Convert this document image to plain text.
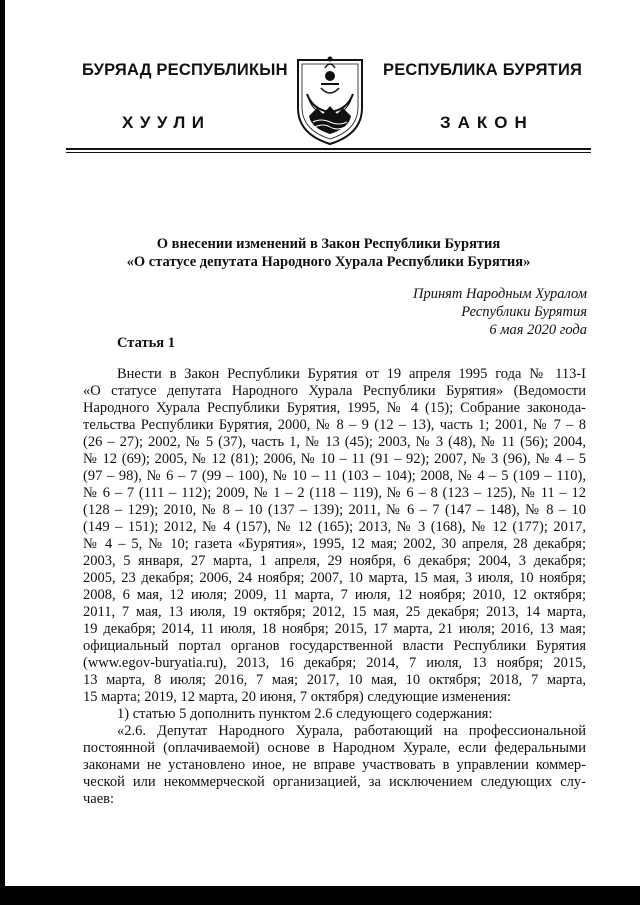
БУРЯАД РЕСПУБЛИКЫН	РЕСПУБЛИКА БУРЯТИЯ
ХУУЛИ	ЗАКОН
О внесении изменений в Закон Республики Бурятия
«О статусе депутата Народного Хурала Республики Бурятия»
Принят Народным Хуралом
Республики Бурятия
6 мая 2020 года
Статья 1
Внести в Закон Республики Бурятия от 19 апреля 1995 года № 113-I
«О статусе депутата Народного Хурала Республики Бурятия» (Ведомости
Народного Хурала Республики Бурятия, 1995, № 4 (15); Собрание законода-
тельства Республики Бурятия, 2000, № 8 – 9 (12 – 13), часть 1; 2001, № 7 – 8
(26 – 27); 2002, № 5 (37), часть 1, № 13 (45); 2003, № 3 (48), № 11 (56); 2004,
№ 12 (69); 2005, № 12 (81); 2006, № 10 – 11 (91 – 92); 2007, № 3 (96), № 4 – 5
(97 – 98), № 6 – 7 (99 – 100), № 10 – 11 (103 – 104); 2008, № 4 – 5 (109 – 110),
№ 6 – 7 (111 – 112); 2009, № 1 – 2 (118 – 119), № 6 – 8 (123 – 125), № 11 – 12
(128 – 129); 2010, № 8 – 10 (137 – 139); 2011, № 6 – 7 (147 – 148), № 8 – 10
(149 – 151); 2012, № 4 (157), № 12 (165); 2013, № 3 (168), № 12 (177); 2017,
№ 4 – 5, № 10; газета «Бурятия», 1995, 12 мая; 2002, 30 апреля, 28 декабря;
2003, 5 января, 27 марта, 1 апреля, 29 ноября, 6 декабря; 2004, 3 декабря;
2005, 23 декабря; 2006, 24 ноября; 2007, 10 марта, 15 мая, 3 июля, 10 ноября;
2008, 6 мая, 12 июля; 2009, 11 марта, 7 июля, 12 ноября; 2010, 12 октября;
2011, 7 мая, 13 июля, 19 октября; 2012, 15 мая, 25 декабря; 2013, 14 марта,
19 декабря; 2014, 11 июля, 18 ноября; 2015, 17 марта, 21 июля; 2016, 13 мая;
официальный портал органов государственной власти Республики Бурятия
(www.egov-buryatia.ru), 2013, 16 декабря; 2014, 7 июля, 13 ноября; 2015,
13 марта, 8 июля; 2016, 7 мая; 2017, 10 мая, 10 октября; 2018, 7 марта,
15 марта; 2019, 12 марта, 20 июня, 7 октября) следующие изменения:
1) статью 5 дополнить пунктом 2.6 следующего содержания:
«2.6. Депутат Народного Хурала, работающий на профессиональной
постоянной (оплачиваемой) основе в Народном Хурале, если федеральными
законами не установлено иное, не вправе участвовать в управлении коммер-
ческой или некоммерческой организацией, за исключением следующих слу-
чаев:
